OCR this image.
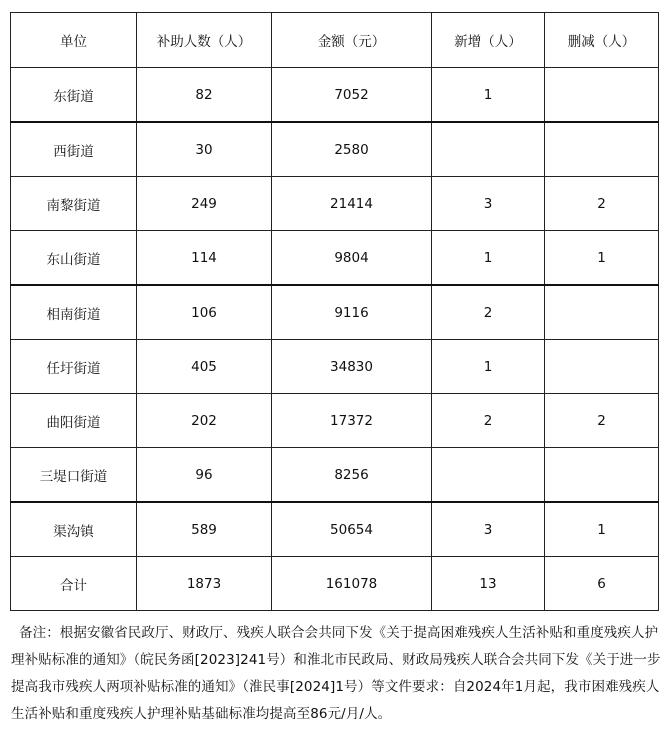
单位	补助人数（人）	金额（元）	新增（人）	删减（人）
东街道	82	7052	1	
西街道	30	2580		
南黎街道	249	21414	3	2
东山街道	114	9804	1	1
相南街道	106	9116	2	
任圩街道	405	34830	1	
曲阳街道	202	17372	2	2
三堤口街道	96	8256		
渠沟镇	589	50654	3	1
合计	1873	161078	13	6

备注：根据安徽省民政厅、财政厅、残疾人联合会共同下发《关于提高困难残疾人生活补贴和重度残疾人护理补贴标准的通知》（皖民务函[2023]241号）和淮北市民政局、财政局残疾人联合会共同下发《关于进一步提高我市残疾人两项补贴标准的通知》（淮民事[2024]1号）等文件要求：自2024年1月起，我市困难残疾人生活补贴和重度残疾人护理补贴基础标准均提高至86元/月/人。
